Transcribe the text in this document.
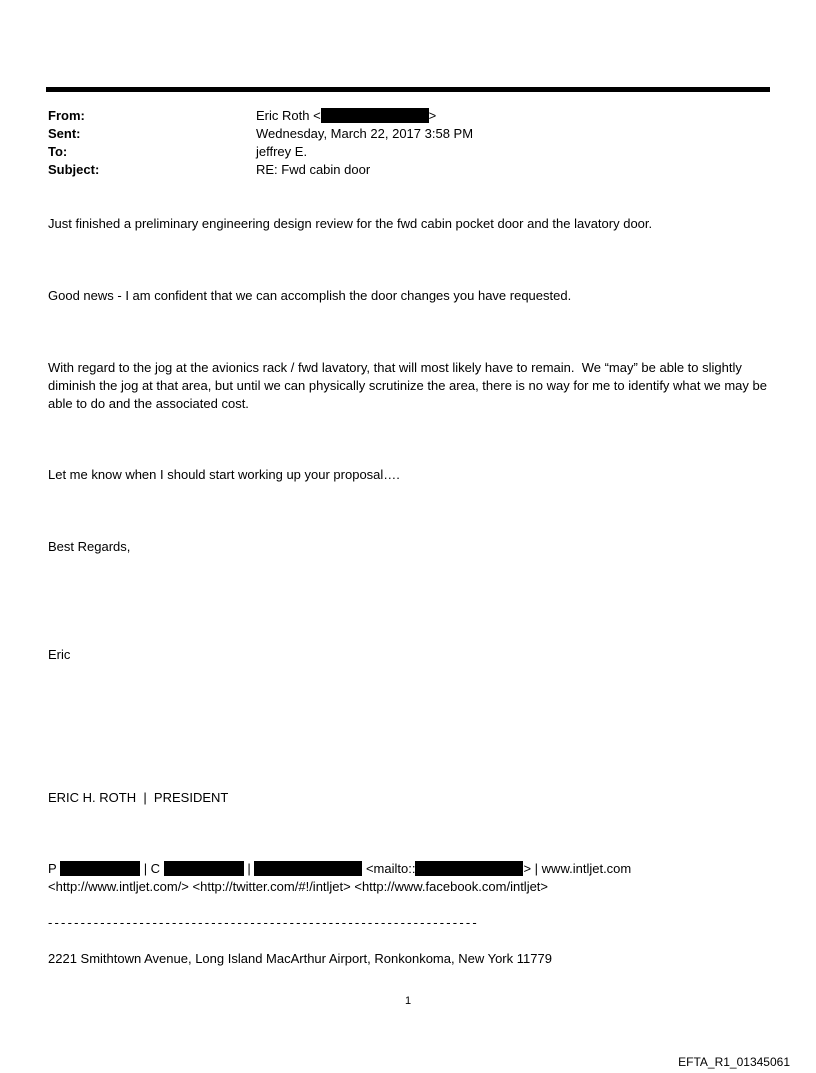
From:	Eric Roth <	>
Sent:	Wednesday, March 22, 2017 3:58 PM
To:	jeffrey E.
Subject:	RE: Fwd cabin door
Just finished a preliminary engineering design review for the fwd cabin pocket door and the lavatory door.
Good news - I am confident that we can accomplish the door changes you have requested.
With regard to the jog at the avionics rack / fwd lavatory, that will most likely have to remain.  We “may” be able to slightly diminish the jog at that area, but until we can physically scrutinize the area, there is no way for me to identify what we may be able to do and the associated cost.
Let me know when I should start working up your proposal….
Best Regards,
Eric
ERIC H. ROTH  |  PRESIDENT
P	| C	|	<mailto::	> | www.intljet.com
<http://www.intljet.com/> <http://twitter.com/#!/intljet> <http://www.facebook.com/intljet>
------------------------------------------------------------------
2221 Smithtown Avenue, Long Island MacArthur Airport, Ronkonkoma, New York 11779
1
EFTA_R1_01345061
